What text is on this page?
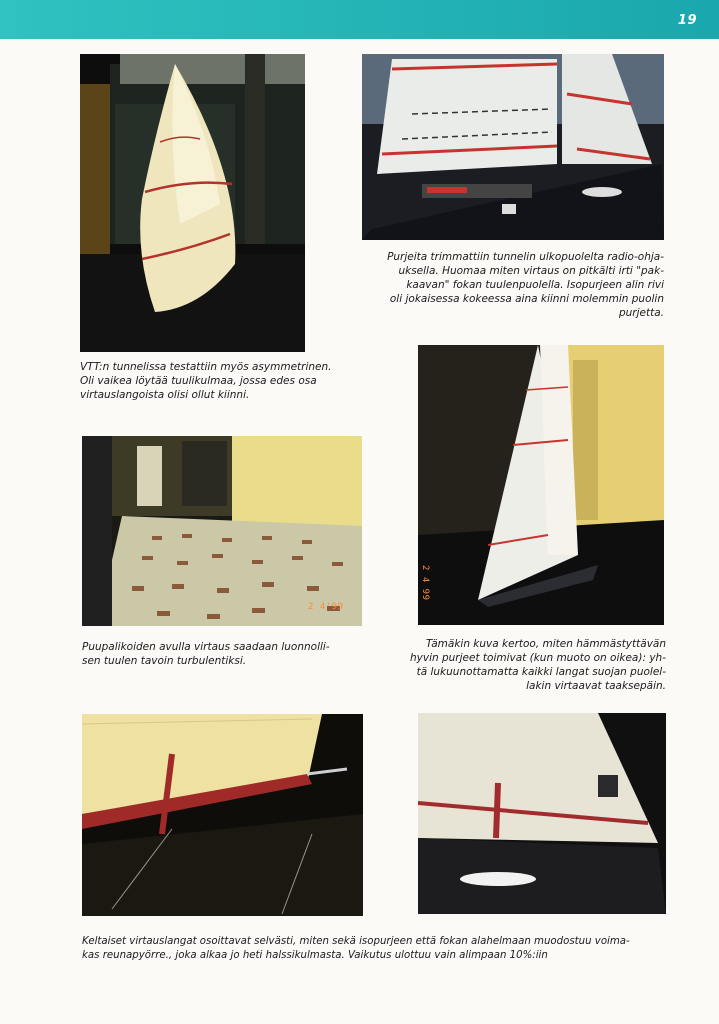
19
VTT:n tunnelissa testattiin myös asymmetrinen.
Oli vaikea löytää tuulikulmaa, jossa edes osa
virtauslangoista olisi ollut kiinni.
Purjeita trimmattiin tunnelin ulkopuolelta radio-ohja-
uksella. Huomaa miten virtaus on pitkälti irti "pak-
kaavan" fokan tuulenpuolella. Isopurjeen alin rivi
oli jokaisessa kokeessa aina kiinni molemmin puolin
purjetta.
2 4'99
2 4 99
Puupalikoiden avulla virtaus saadaan luonnolli-
sen tuulen tavoin turbulentiksi.
Tämäkin kuva kertoo, miten hämmästyttävän
hyvin purjeet toimivat (kun muoto on oikea): yh-
tä lukuunottamatta kaikki langat suojan puolel-
lakin virtaavat taaksepäin.
Keltaiset virtauslangat osoittavat selvästi, miten sekä isopurjeen että fokan alahelmaan muodostuu voima-
kas reunapyörre., joka alkaa jo heti halssikulmasta. Vaikutus ulottuu vain alimpaan 10%:iin
